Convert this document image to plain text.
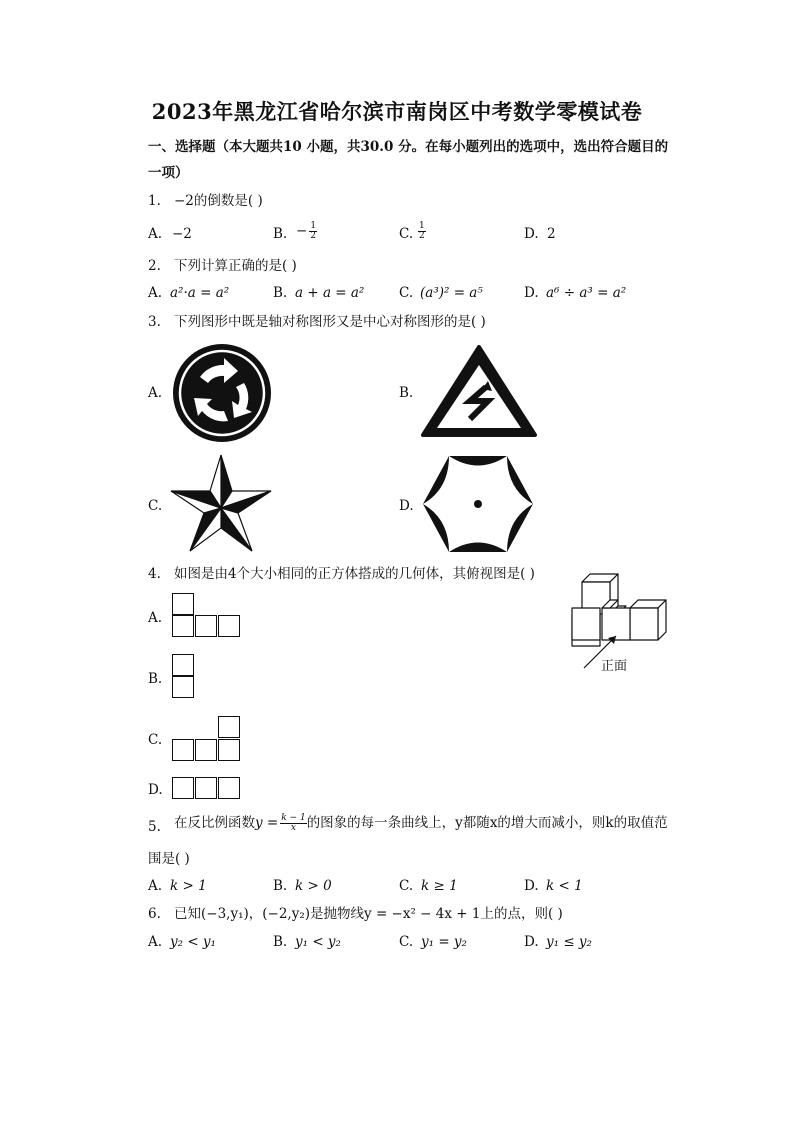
2023年黑龙江省哈尔滨市南岗区中考数学零模试卷
一、选择题（本大题共10 小题，共30.0 分。在每小题列出的选项中，选出符合题目的
一项）
1. −2的倒数是( )
A. −2	B. − $\frac{1}{2}$	C. $\frac{1}{2}$	D. 2
2. 下列计算正确的是( )
A. a²·a = a²	B. a + a = a²	C. (a³)² = a⁵	D. a⁶ ÷ a³ = a²
3. 下列图形中既是轴对称图形又是中心对称图形的是( )
A.	B.
C.	D.
4. 如图是由4个大小相同的正方体搭成的几何体，其俯视图是( )
正面
A.
B.
C.
D.
5. 在反比例函数$y = \frac{k - 1}{x}$ 的图象的每一条曲线上，y都随x的增大而减小，则k的取值范
围是( )
A. k > 1	B. k > 0	C. k ≥ 1	D. k < 1
6. 已知(−3,y₁)，(−2,y₂)是抛物线y = −x² − 4x + 1上的点，则( )
A. y₂ < y₁	B. y₁ < y₂	C. y₁ = y₂	D. y₁ ≤ y₂
